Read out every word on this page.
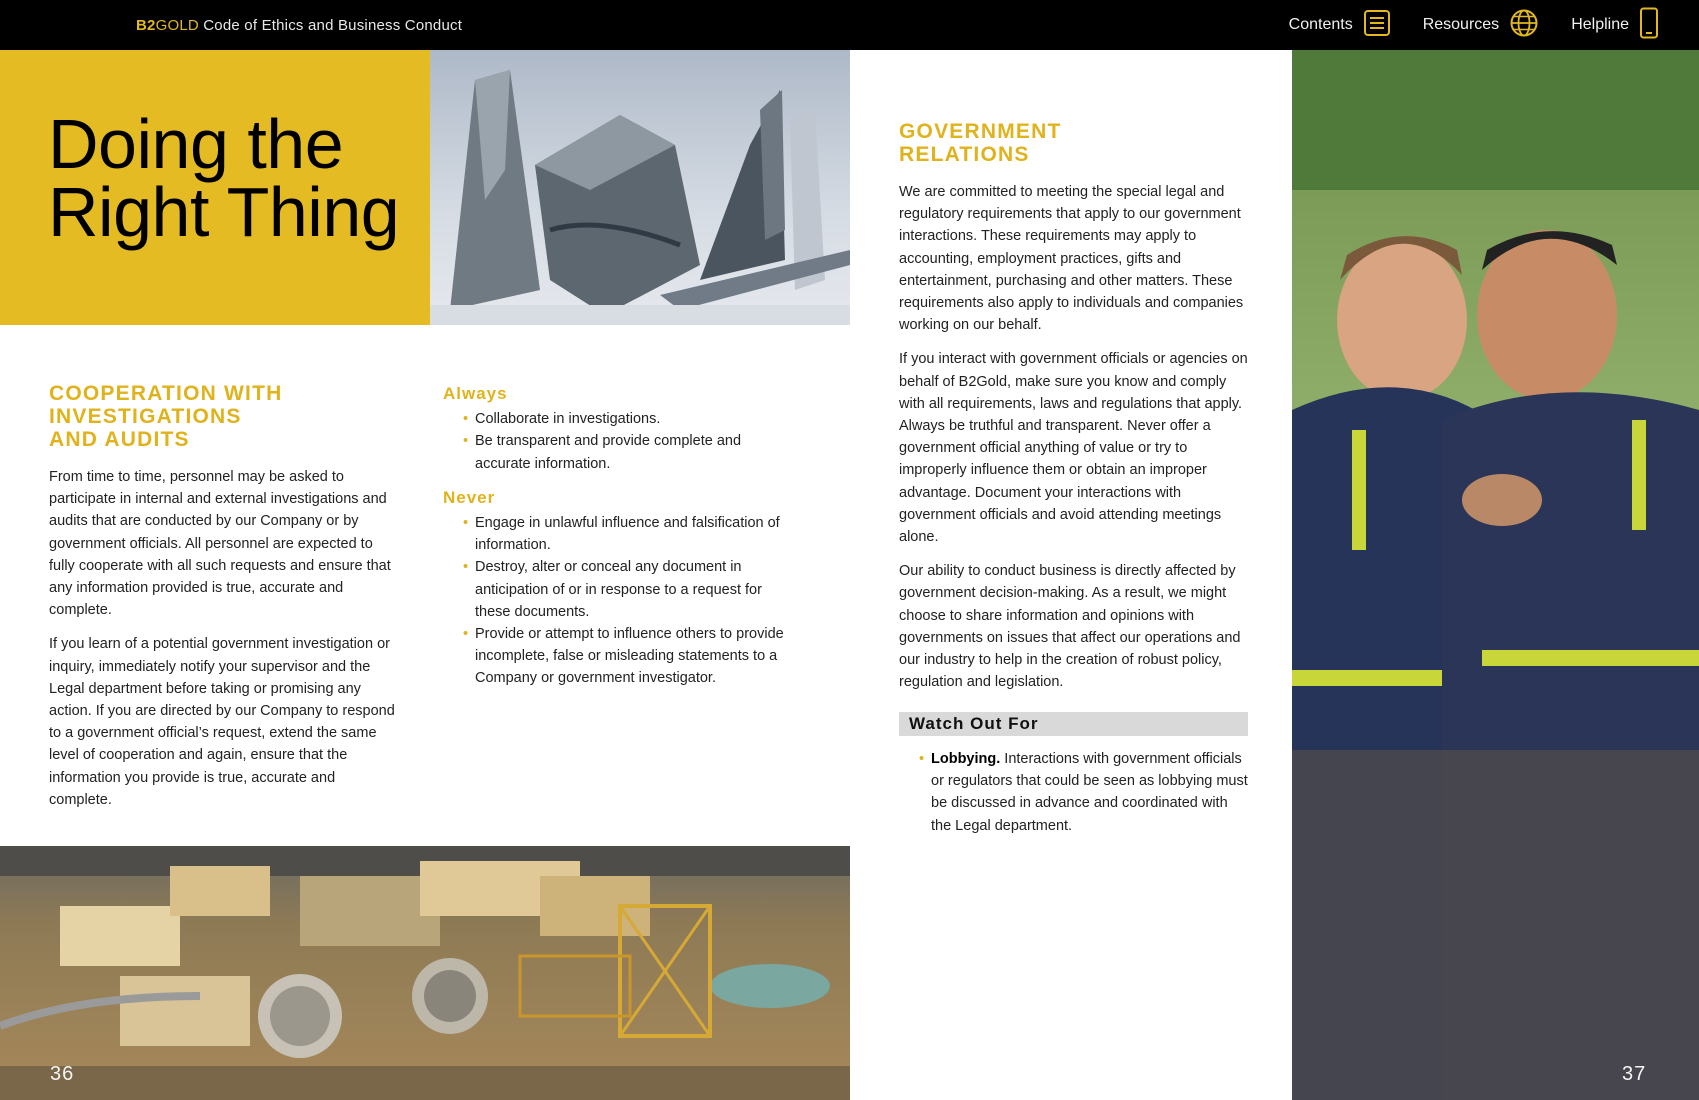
B2GOLD Code of Ethics and Business Conduct	Contents	Resources	Helpline
Doing the
Right Thing
COOPERATION WITH
INVESTIGATIONS
AND AUDITS

From time to time, personnel may be asked to participate in internal and external investigations and audits that are conducted by our Company or by government officials. All personnel are expected to fully cooperate with all such requests and ensure that any information provided is true, accurate and complete.

If you learn of a potential government investigation or inquiry, immediately notify your supervisor and the Legal department before taking or promising any action. If you are directed by our Company to respond to a government official’s request, extend the same level of cooperation and again, ensure that the information you provide is true, accurate and complete.

Always
• Collaborate in investigations.
• Be transparent and provide complete and accurate information.
Never
• Engage in unlawful influence and falsification of information.
• Destroy, alter or conceal any document in anticipation of or in response to a request for these documents.
• Provide or attempt to influence others to provide incomplete, false or misleading statements to a Company or government investigator.
36
GOVERNMENT
RELATIONS

We are committed to meeting the special legal and regulatory requirements that apply to our government interactions. These requirements may apply to accounting, employment practices, gifts and entertainment, purchasing and other matters. These requirements also apply to individuals and companies working on our behalf.

If you interact with government officials or agencies on behalf of B2Gold, make sure you know and comply with all requirements, laws and regulations that apply. Always be truthful and transparent. Never offer a government official anything of value or try to improperly influence them or obtain an improper advantage. Document your interactions with government officials and avoid attending meetings alone.

Our ability to conduct business is directly affected by government decision-making. As a result, we might choose to share information and opinions with governments on issues that affect our operations and our industry to help in the creation of robust policy, regulation and legislation.

Watch Out For
• Lobbying. Interactions with government officials or regulators that could be seen as lobbying must be discussed in advance and coordinated with the Legal department.
37
